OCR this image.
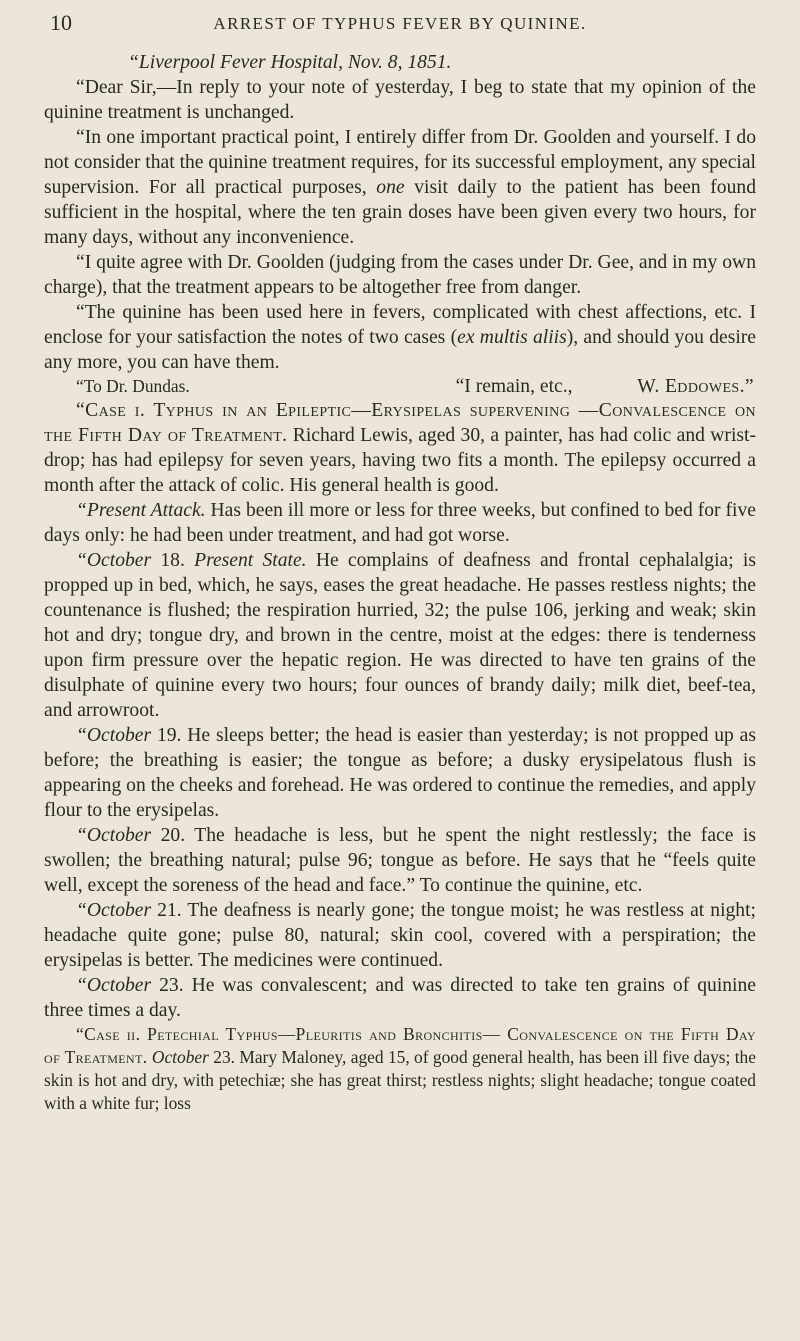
10	ARREST OF TYPHUS FEVER BY QUININE.

“Liverpool Fever Hospital, Nov. 8, 1851.

“Dear Sir,—In reply to your note of yesterday, I beg to state that my opinion of the quinine treatment is unchanged.

“In one important practical point, I entirely differ from Dr. Goolden and yourself. I do not consider that the quinine treatment requires, for its successful employment, any special supervision. For all practical purposes, one visit daily to the patient has been found sufficient in the hospital, where the ten grain doses have been given every two hours, for many days, without any inconvenience.

“I quite agree with Dr. Goolden (judging from the cases under Dr. Gee, and in my own charge), that the treatment appears to be altogether free from danger.

“The quinine has been used here in fevers, complicated with chest affections, etc. I enclose for your satisfaction the notes of two cases (ex multis aliis), and should you desire any more, you can have them.

“To Dr. Dundas.	“I remain, etc.,	W. Eddowes.”

“Case i. Typhus in an Epileptic—Erysipelas supervening —Convalescence on the Fifth Day of Treatment. Richard Lewis, aged 30, a painter, has had colic and wrist-drop; has had epilepsy for seven years, having two fits a month. The epilepsy occurred a month after the attack of colic. His general health is good.

“Present Attack. Has been ill more or less for three weeks, but confined to bed for five days only: he had been under treatment, and had got worse.

“October 18. Present State. He complains of deafness and frontal cephalalgia; is propped up in bed, which, he says, eases the great headache. He passes restless nights; the countenance is flushed; the respiration hurried, 32; the pulse 106, jerking and weak; skin hot and dry; tongue dry, and brown in the centre, moist at the edges: there is tenderness upon firm pressure over the hepatic region. He was directed to have ten grains of the disulphate of quinine every two hours; four ounces of brandy daily; milk diet, beef-tea, and arrowroot.

“October 19. He sleeps better; the head is easier than yesterday; is not propped up as before; the breathing is easier; the tongue as before; a dusky erysipelatous flush is appearing on the cheeks and forehead. He was ordered to continue the remedies, and apply flour to the erysipelas.

“October 20. The headache is less, but he spent the night restlessly; the face is swollen; the breathing natural; pulse 96; tongue as before. He says that he “feels quite well, except the soreness of the head and face.” To continue the quinine, etc.

“October 21. The deafness is nearly gone; the tongue moist; he was restless at night; headache quite gone; pulse 80, natural; skin cool, covered with a perspiration; the erysipelas is better. The medicines were continued.

“October 23. He was convalescent; and was directed to take ten grains of quinine three times a day.

“Case ii. Petechial Typhus—Pleuritis and Bronchitis— Convalescence on the Fifth Day of Treatment. October 23. Mary Maloney, aged 15, of good general health, has been ill five days; the skin is hot and dry, with petechiæ; she has great thirst; restless nights; slight headache; tongue coated with a white fur; loss
